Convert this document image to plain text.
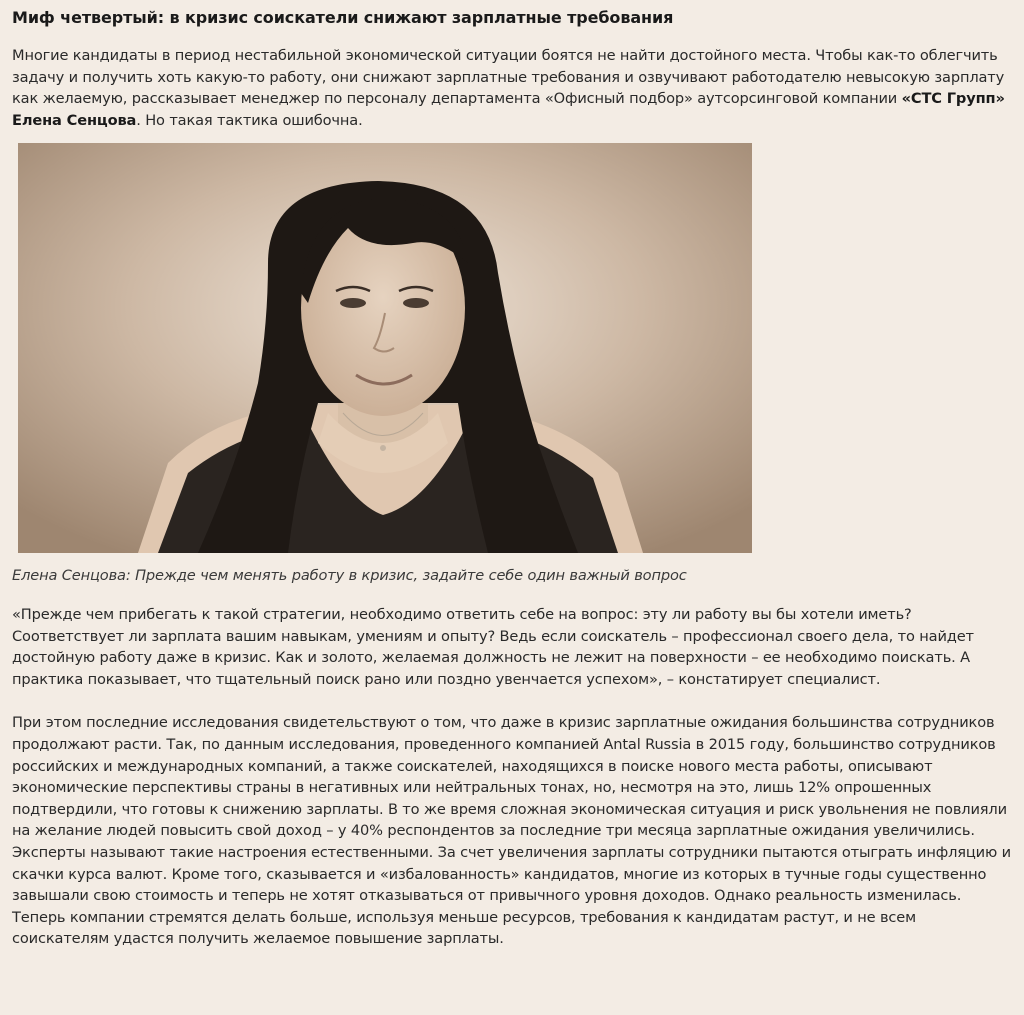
Миф четвертый: в кризис соискатели снижают зарплатные требования

Многие кандидаты в период нестабильной экономической ситуации боятся не найти достойного места. Чтобы как-то облегчить задачу и получить хоть какую-то работу, они снижают зарплатные требования и озвучивают работодателю невысокую зарплату как желаемую, рассказывает менеджер по персоналу департамента «Офисный подбор» аутсорсинговой компании «СТС Групп» Елена Сенцова. Но такая тактика ошибочна.

Елена Сенцова: Прежде чем менять работу в кризис, задайте себе один важный вопрос

«Прежде чем прибегать к такой стратегии, необходимо ответить себе на вопрос: эту ли работу вы бы хотели иметь? Соответствует ли зарплата вашим навыкам, умениям и опыту? Ведь если соискатель – профессионал своего дела, то найдет достойную работу даже в кризис. Как и золото, желаемая должность не лежит на поверхности – ее необходимо поискать. А практика показывает, что тщательный поиск рано или поздно увенчается успехом», – констатирует специалист.

При этом последние исследования свидетельствуют о том, что даже в кризис зарплатные ожидания большинства сотрудников продолжают расти. Так, по данным исследования, проведенного компанией Antal Russia в 2015 году, большинство сотрудников российских и международных компаний, а также соискателей, находящихся в поиске нового места работы, описывают экономические перспективы страны в негативных или нейтральных тонах, но, несмотря на это, лишь 12% опрошенных подтвердили, что готовы к снижению зарплаты. В то же время сложная экономическая ситуация и риск увольнения не повлияли на желание людей повысить свой доход – у 40% респондентов за последние три месяца зарплатные ожидания увеличились. Эксперты называют такие настроения естественными. За счет увеличения зарплаты сотрудники пытаются отыграть инфляцию и скачки курса валют. Кроме того, сказывается и «избалованность» кандидатов, многие из которых в тучные годы существенно завышали свою стоимость и теперь не хотят отказываться от привычного уровня доходов. Однако реальность изменилась. Теперь компании стремятся делать больше, используя меньше ресурсов, требования к кандидатам растут, и не всем соискателям удастся получить желаемое повышение зарплаты.
